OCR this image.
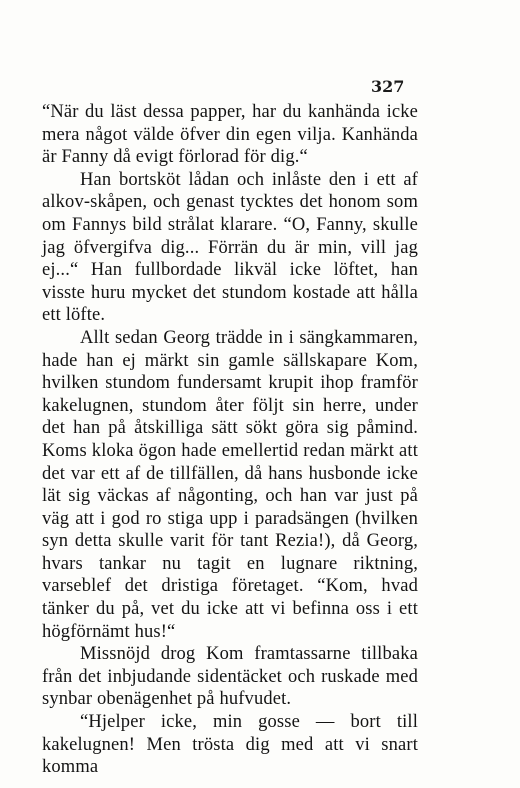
327

“När du läst dessa papper, har du kanhända icke mera något välde öfver din egen vilja. Kanhända är Fanny då evigt förlorad för dig.“

Han bortsköt lådan och inlåste den i ett af alkov-skåpen, och genast tycktes det honom som om Fannys bild strålat klarare. “O, Fanny, skulle jag öfvergifva dig... Förrän du är min, vill jag ej...“ Han fullbordade likväl icke löftet, han visste huru mycket det stundom kostade att hålla ett löfte.

Allt sedan Georg trädde in i sängkammaren, hade han ej märkt sin gamle sällskapare Kom, hvilken stundom fundersamt krupit ihop framför kakelugnen, stundom åter följt sin herre, under det han på åtskilliga sätt sökt göra sig påmind. Koms kloka ögon hade emellertid redan märkt att det var ett af de tillfällen, då hans husbonde icke lät sig väckas af någonting, och han var just på väg att i god ro stiga upp i paradsängen (hvilken syn detta skulle varit för tant Rezia!), då Georg, hvars tankar nu tagit en lugnare riktning, varseblef det dristiga företaget. “Kom, hvad tänker du på, vet du icke att vi befinna oss i ett högförnämt hus!“

Missnöjd drog Kom framtassarne tillbaka från det inbjudande sidentäcket och ruskade med synbar obenägenhet på hufvudet.

“Hjelper icke, min gosse — bort till kakelugnen! Men trösta dig med att vi snart komma
